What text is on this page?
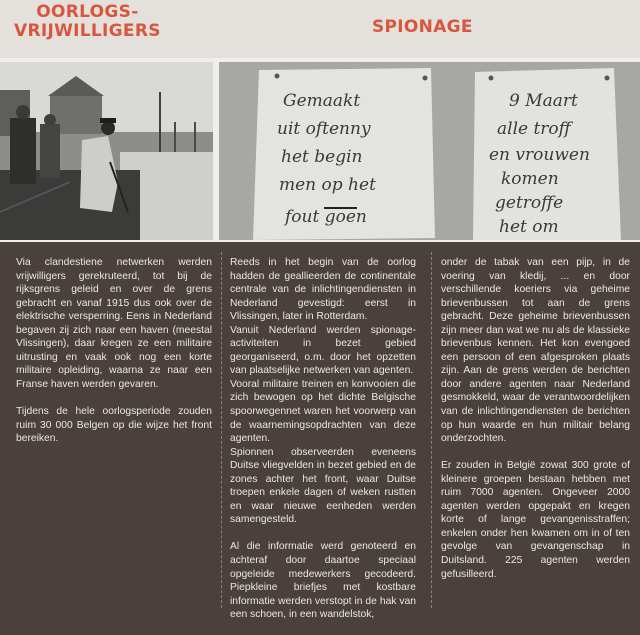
OORLOGS-
VRIJWILLIGERS	SPIONAGE
Gemaakt
uit oftenny
het begin
men op het
fout goen
9 Maart
alle troff
en vrouwen
komen
getroffe
het om

Via clandestiene netwerken werden vrijwilligers gerekruteerd, tot bij de rijksgrens geleid en over de grens gebracht en vanaf 1915 dus ook over de elektrische versperring. Eens in Nederland begaven zij zich naar een haven (meestal Vlissingen), daar kregen ze een militaire uitrusting en vaak ook nog een korte militaire opleiding, waarna ze naar een Franse haven werden gevaren.

Tijdens de hele oorlogsperiode zouden ruim 30 000 Belgen op die wijze het front bereiken.

Reeds in het begin van de oorlog hadden de geallieerden de continentale centrale van de inlichtingendiensten in Nederland gevestigd: eerst in Vlissingen, later in Rotterdam.

Vanuit Nederland werden spionage-activiteiten in bezet gebied georganiseerd, o.m. door het opzetten van plaatselijke netwerken van agenten.

Vooral militaire treinen en konvooien die zich bewogen op het dichte Belgische spoorwegennet waren het voorwerp van de waarnemingsopdrachten van deze agenten.

Spionnen observeerden eveneens Duitse vliegvelden in bezet gebied en de zones achter het front, waar Duitse troepen enkele dagen of weken rustten en waar nieuwe eenheden werden samengesteld.

Al die informatie werd genoteerd en achteraf door daartoe speciaal opgeleide medewerkers gecodeerd. Piepkleine briefjes met kostbare informatie werden verstopt in de hak van een schoen, in een wandelstok,

onder de tabak van een pijp, in de voering van kledij, ... en door verschillende koeriers via geheime brievenbussen tot aan de grens gebracht. Deze geheime brievenbussen zijn meer dan wat we nu als de klassieke brievenbus kennen. Het kon evengoed een persoon of een afgesproken plaats zijn. Aan de grens werden de berichten door andere agenten naar Nederland gesmokkeld, waar de verantwoordelijken van de inlichtingendiensten de berichten op hun waarde en hun militair belang onderzochten.

Er zouden in België zowat 300 grote of kleinere groepen bestaan hebben met ruim 7000 agenten. Ongeveer 2000 agenten werden opgepakt en kregen korte of lange gevangenisstraffen; enkelen onder hen kwamen om in of ten gevolge van gevangenschap in Duitsland. 225 agenten werden gefusilleerd.
